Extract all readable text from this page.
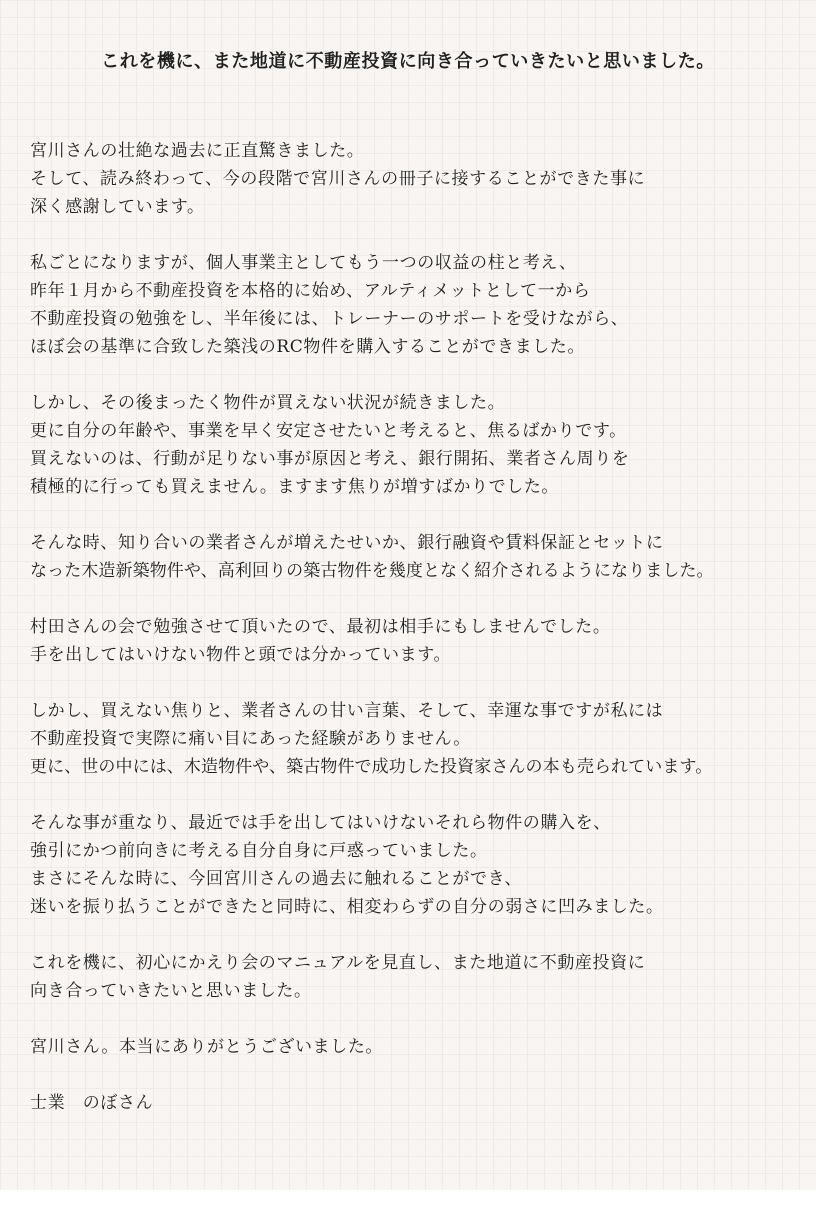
これを機に、また地道に不動産投資に向き合っていきたいと思いました。
宮川さんの壮絶な過去に正直驚きました。
そして、読み終わって、今の段階で宮川さんの冊子に接することができた事に
深く感謝しています。
私ごとになりますが、個人事業主としてもう一つの収益の柱と考え、
昨年１月から不動産投資を本格的に始め、アルティメットとして一から
不動産投資の勉強をし、半年後には、トレーナーのサポートを受けながら、
ほぼ会の基準に合致した築浅のRC物件を購入することができました。
しかし、その後まったく物件が買えない状況が続きました。
更に自分の年齢や、事業を早く安定させたいと考えると、焦るばかりです。
買えないのは、行動が足りない事が原因と考え、銀行開拓、業者さん周りを
積極的に行っても買えません。ますます焦りが増すばかりでした。
そんな時、知り合いの業者さんが増えたせいか、銀行融資や賃料保証とセットに
なった木造新築物件や、高利回りの築古物件を幾度となく紹介されるようになりました。
村田さんの会で勉強させて頂いたので、最初は相手にもしませんでした。
手を出してはいけない物件と頭では分かっています。
しかし、買えない焦りと、業者さんの甘い言葉、そして、幸運な事ですが私には
不動産投資で実際に痛い目にあった経験がありません。
更に、世の中には、木造物件や、築古物件で成功した投資家さんの本も売られています。
そんな事が重なり、最近では手を出してはいけないそれら物件の購入を、
強引にかつ前向きに考える自分自身に戸惑っていました。
まさにそんな時に、今回宮川さんの過去に触れることができ、
迷いを振り払うことができたと同時に、相変わらずの自分の弱さに凹みました。
これを機に、初心にかえり会のマニュアルを見直し、また地道に不動産投資に
向き合っていきたいと思いました。
宮川さん。本当にありがとうございました。
士業　のぼさん
